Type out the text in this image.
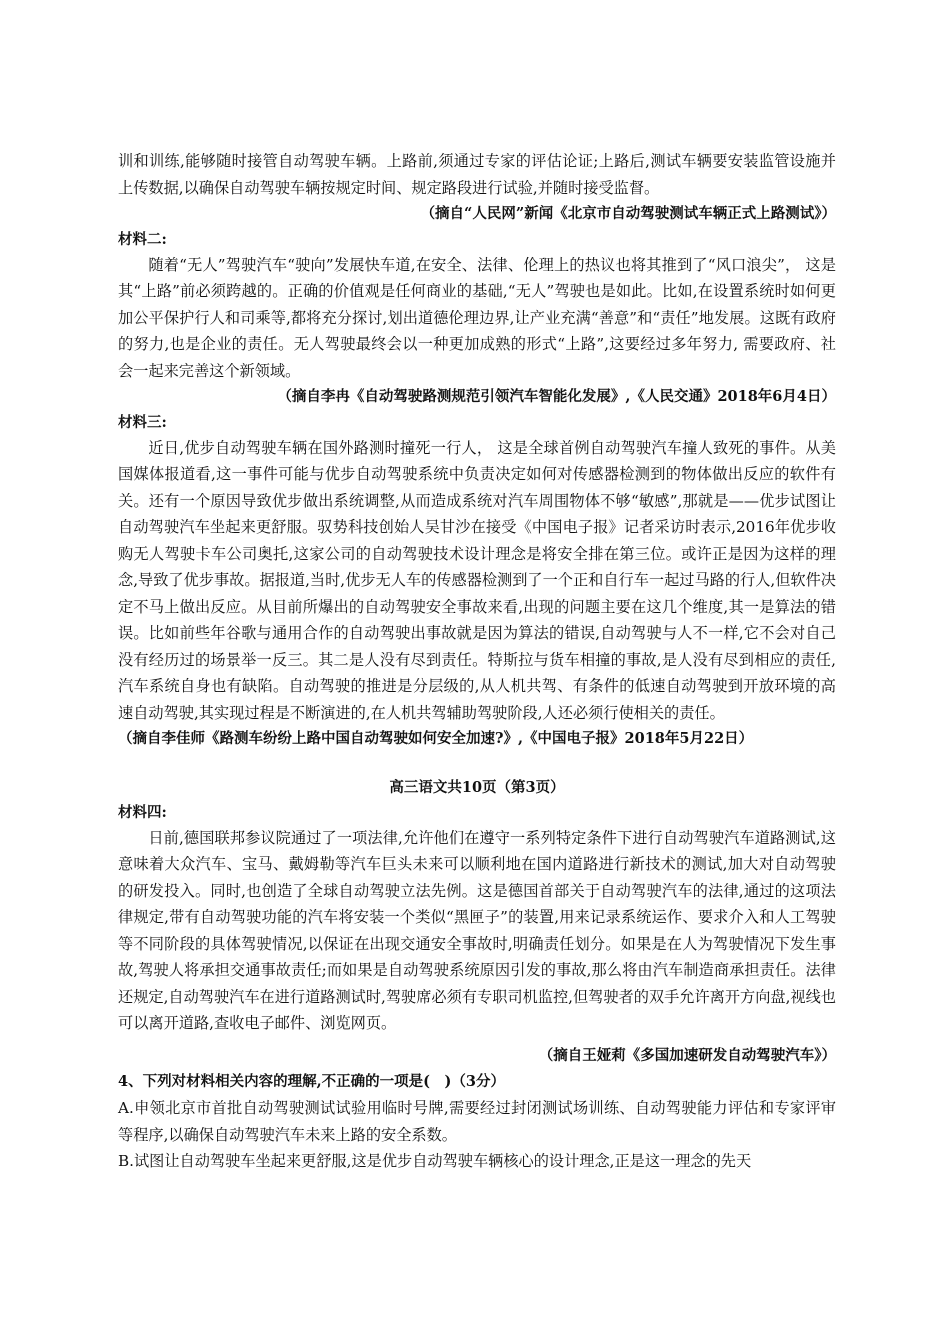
训和训练,能够随时接管自动驾驶车辆。上路前,须通过专家的评估论证;上路后,测试车辆要安装监管设施并上传数据,以确保自动驾驶车辆按规定时间、规定路段进行试验,并随时接受监督。

（摘自“人民网”新闻《北京市自动驾驶测试车辆正式上路测试》）

材料二:

随着“无人”驾驶汽车“驶向”发展快车道,在安全、法律、伦理上的热议也将其推到了“风口浪尖”， 这是其“上路”前必须跨越的。正确的价值观是任何商业的基础,“无人”驾驶也是如此。比如,在设置系统时如何更加公平保护行人和司乘等,都将充分探讨,划出道德伦理边界,让产业充满“善意”和“责任”地发展。这既有政府的努力,也是企业的责任。无人驾驶最终会以一种更加成熟的形式“上路”,这要经过多年努力, 需要政府、社会一起来完善这个新领域。

（摘自李冉《自动驾驶路测规范引领汽车智能化发展》,《人民交通》2018年6月4日）

材料三:

近日,优步自动驾驶车辆在国外路测时撞死一行人， 这是全球首例自动驾驶汽车撞人致死的事件。从美国媒体报道看,这一事件可能与优步自动驾驶系统中负责决定如何对传感器检测到的物体做出反应的软件有关。还有一个原因导致优步做出系统调整,从而造成系统对汽车周围物体不够“敏感”,那就是——优步试图让自动驾驶汽车坐起来更舒服。驭势科技创始人吴甘沙在接受《中国电子报》记者采访时表示,2016年优步收购无人驾驶卡车公司奥托,这家公司的自动驾驶技术设计理念是将安全排在第三位。或许正是因为这样的理念,导致了优步事故。据报道,当时,优步无人车的传感器检测到了一个正和自行车一起过马路的行人,但软件决定不马上做出反应。从目前所爆出的自动驾驶安全事故来看,出现的问题主要在这几个维度,其一是算法的错误。比如前些年谷歌与通用合作的自动驾驶出事故就是因为算法的错误,自动驾驶与人不一样,它不会对自己没有经历过的场景举一反三。其二是人没有尽到责任。特斯拉与货车相撞的事故,是人没有尽到相应的责任,汽车系统自身也有缺陷。自动驾驶的推进是分层级的,从人机共驾、有条件的低速自动驾驶到开放环境的高速自动驾驶,其实现过程是不断演进的,在人机共驾辅助驾驶阶段,人还必须行使相关的责任。

（摘自李佳师《路测车纷纷上路中国自动驾驶如何安全加速?》,《中国电子报》2018年5月22日）

高三语文共10页（第3页）

材料四:

日前,德国联邦参议院通过了一项法律,允许他们在遵守一系列特定条件下进行自动驾驶汽车道路测试,这意味着大众汽车、宝马、戴姆勒等汽车巨头未来可以顺利地在国内道路进行新技术的测试,加大对自动驾驶的研发投入。同时,也创造了全球自动驾驶立法先例。这是德国首部关于自动驾驶汽车的法律,通过的这项法律规定,带有自动驾驶功能的汽车将安装一个类似“黑匣子”的装置,用来记录系统运作、要求介入和人工驾驶等不同阶段的具体驾驶情况,以保证在出现交通安全事故时,明确责任划分。如果是在人为驾驶情况下发生事故,驾驶人将承担交通事故责任;而如果是自动驾驶系统原因引发的事故,那么将由汽车制造商承担责任。法律还规定,自动驾驶汽车在进行道路测试时,驾驶席必须有专职司机监控,但驾驶者的双手允许离开方向盘,视线也可以离开道路,查收电子邮件、浏览网页。

（摘自王娅莉《多国加速研发自动驾驶汽车》）

4、下列对材料相关内容的理解,不正确的一项是(　)（3分）

A.申领北京市首批自动驾驶测试试验用临时号牌,需要经过封闭测试场训练、自动驾驶能力评估和专家评审等程序,以确保自动驾驶汽车未来上路的安全系数。

B.试图让自动驾驶车坐起来更舒服,这是优步自动驾驶车辆核心的设计理念,正是这一理念的先天
